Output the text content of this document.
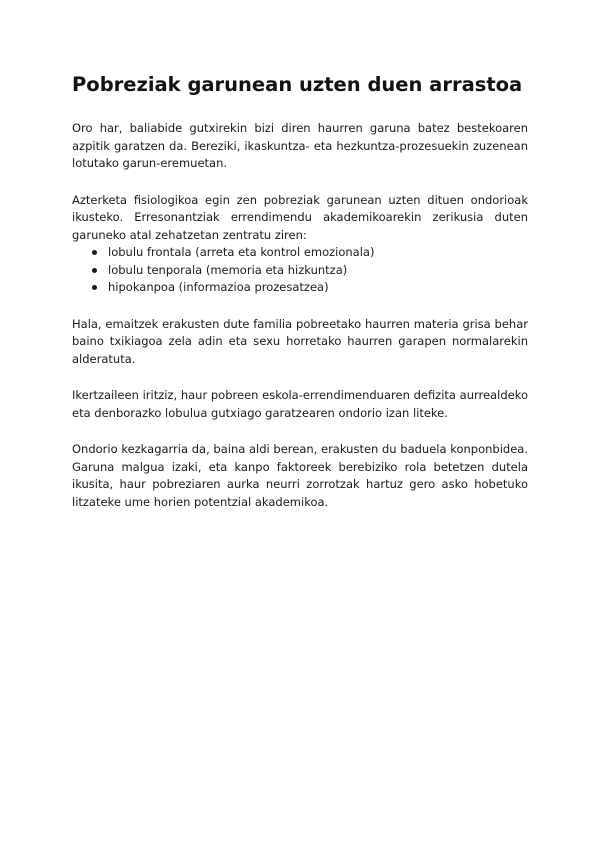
Pobreziak garunean uzten duen arrastoa

Oro har, baliabide gutxirekin bizi diren haurren garuna batez bestekoaren azpitik garatzen da. Bereziki, ikaskuntza- eta hezkuntza-prozesuekin zuzenean lotutako garun-eremuetan.

Azterketa fisiologikoa egin zen pobreziak garunean uzten dituen ondorioak ikusteko. Erresonantziak errendimendu akademikoarekin zerikusia duten garuneko atal zehatzetan zentratu ziren:

lobulu frontala (arreta eta kontrol emozionala)
lobulu tenporala (memoria eta hizkuntza)
hipokanpoa (informazioa prozesatzea)

Hala, emaitzek erakusten dute familia pobreetako haurren materia grisa behar baino txikiagoa zela adin eta sexu horretako haurren garapen normalarekin alderatuta.

Ikertzaileen iritziz, haur pobreen eskola-errendimenduaren defizita aurrealdeko eta denborazko lobulua gutxiago garatzearen ondorio izan liteke.

Ondorio kezkagarria da, baina aldi berean, erakusten du baduela konponbidea. Garuna malgua izaki, eta kanpo faktoreek berebiziko rola betetzen dutela ikusita, haur pobreziaren aurka neurri zorrotzak hartuz gero asko hobetuko litzateke ume horien potentzial akademikoa.
